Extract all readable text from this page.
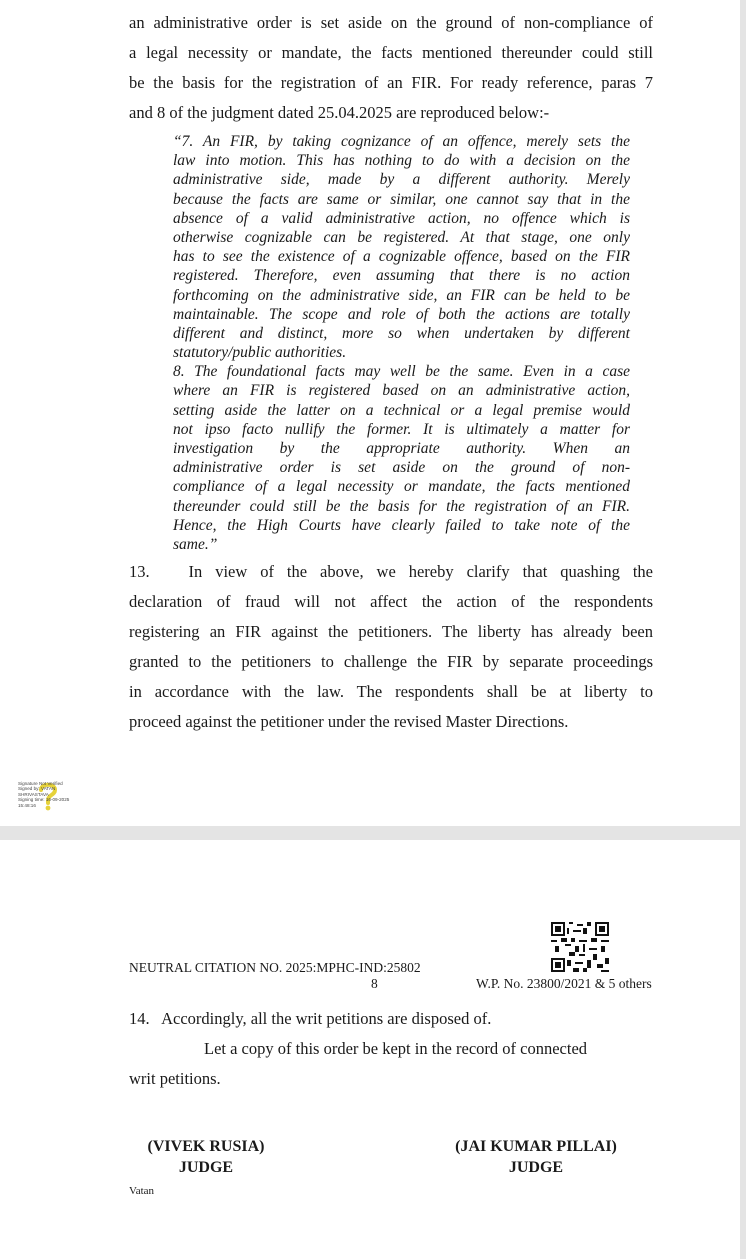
an administrative order is set aside on the ground of non-compliance of
a legal necessity or mandate, the facts mentioned thereunder could still
be the basis for the registration of an FIR. For ready reference, paras 7
and 8 of the judgment dated 25.04.2025 are reproduced below:-
“7. An FIR, by taking cognizance of an offence, merely sets the
law into motion. This has nothing to do with a decision on the
administrative side, made by a different authority. Merely
because the facts are same or similar, one cannot say that in the
absence of a valid administrative action, no offence which is
otherwise cognizable can be registered. At that stage, one only
has to see the existence of a cognizable offence, based on the FIR
registered. Therefore, even assuming that there is no action
forthcoming on the administrative side, an FIR can be held to be
maintainable. The scope and role of both the actions are totally
different and distinct, more so when undertaken by different
statutory/public authorities.
8. The foundational facts may well be the same. Even in a case
where an FIR is registered based on an administrative action,
setting aside the latter on a technical or a legal premise would
not ipso facto nullify the former. It is ultimately a matter for
investigation by the appropriate authority. When an
administrative order is set aside on the ground of non-
compliance of a legal necessity or mandate, the facts mentioned
thereunder could still be the basis for the registration of an FIR.
Hence, the High Courts have clearly failed to take note of the
same.”
13.   In view of the above, we hereby clarify that quashing the
declaration of fraud will not affect the action of the respondents
registering an FIR against the petitioners. The liberty has already been
granted to the petitioners to challenge the FIR by separate proceedings
in accordance with the law. The respondents shall be at liberty to
proceed against the petitioner under the revised Master Directions.
Signature Not Verified
Signed by: VATAN
SHRIVASTAVA
Signing time: 16-09-2025
15:48:16
NEUTRAL CITATION NO. 2025:MPHC-IND:25802
8	W.P. No. 23800/2021 & 5 others
14.   Accordingly, all the writ petitions are disposed of.
Let a copy of this order be kept in the record of connected
writ petitions.
(VIVEK RUSIA)
JUDGE
(JAI KUMAR PILLAI)
JUDGE
Vatan
